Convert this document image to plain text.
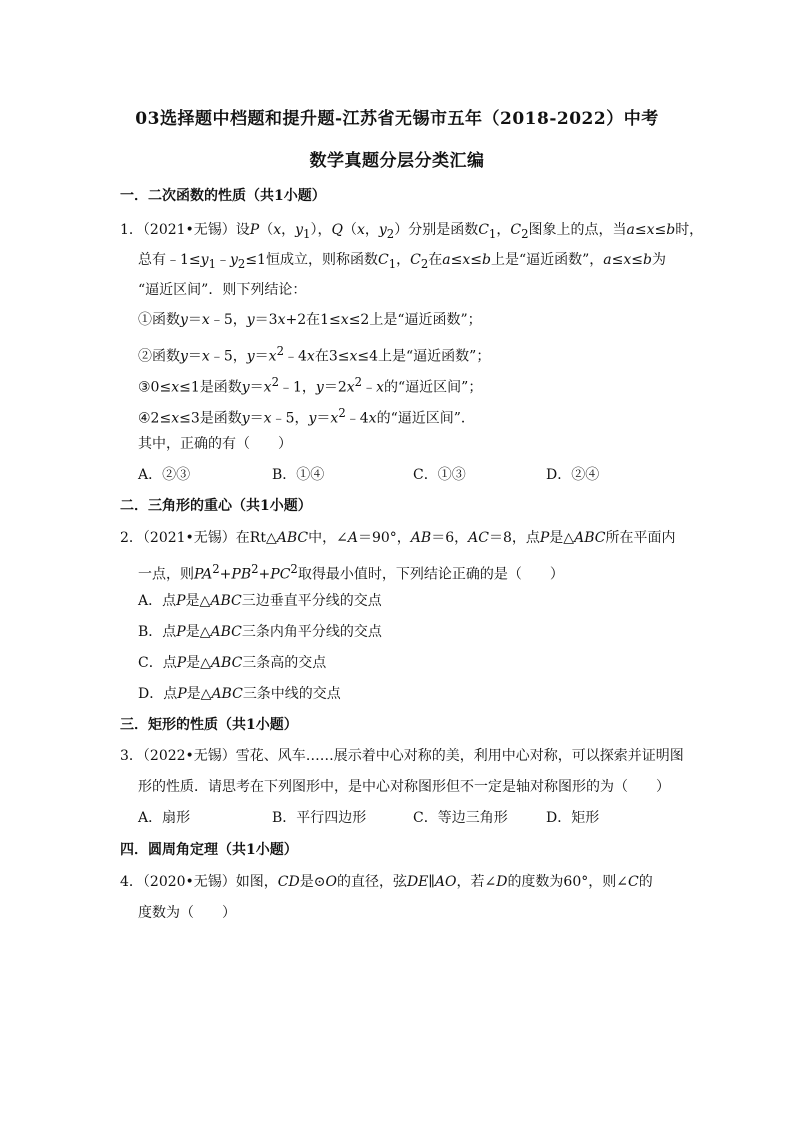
03选择题中档题和提升题-江苏省无锡市五年（2018-2022）中考
数学真题分层分类汇编
一．二次函数的性质（共1小题）
1．（2021•无锡）设P（x，$y_1$），Q（x，$y_2$）分别是函数$C_1$，$C_2$图象上的点，当a≤x≤b时，
总有$﹣1\le y_1﹣y_2\le 1$恒成立，则称函数$C_1$，$C_2$在a≤x≤b上是“逼近函数”，a≤x≤b为
“逼近区间”．则下列结论：
①函数y＝x﹣5，y＝3x+2在1≤x≤2上是“逼近函数”；
②函数y＝x﹣5，$y=x^2﹣4x$在3≤x≤4上是“逼近函数”；
③0≤x≤1是函数$y=x^2﹣1$，$y=2x^2﹣x$的“逼近区间”；
④2≤x≤3是函数y＝x﹣5，$y=x^2﹣4x$的“逼近区间”．
其中，正确的有（　　）
A．②③	B．①④	C．①③	D．②④
二．三角形的重心（共1小题）
2．（2021•无锡）在Rt△ABC中，∠A＝90°，AB＝6，AC＝8，点P是△ABC所在平面内
一点，则$PA^2+PB^2+PC^2$取得最小值时，下列结论正确的是（　　）
A．点P是△ABC三边垂直平分线的交点
B．点P是△ABC三条内角平分线的交点
C．点P是△ABC三条高的交点
D．点P是△ABC三条中线的交点
三．矩形的性质（共1小题）
3．（2022•无锡）雪花、风车……展示着中心对称的美，利用中心对称，可以探索并证明图
形的性质．请思考在下列图形中，是中心对称图形但不一定是轴对称图形的为（　　）
A．扇形	B．平行四边形	C．等边三角形	D．矩形
四．圆周角定理（共1小题）
4．（2020•无锡）如图，CD是⊙O的直径，弦DE∥AO，若∠D的度数为60°，则∠C的
度数为（　　）
